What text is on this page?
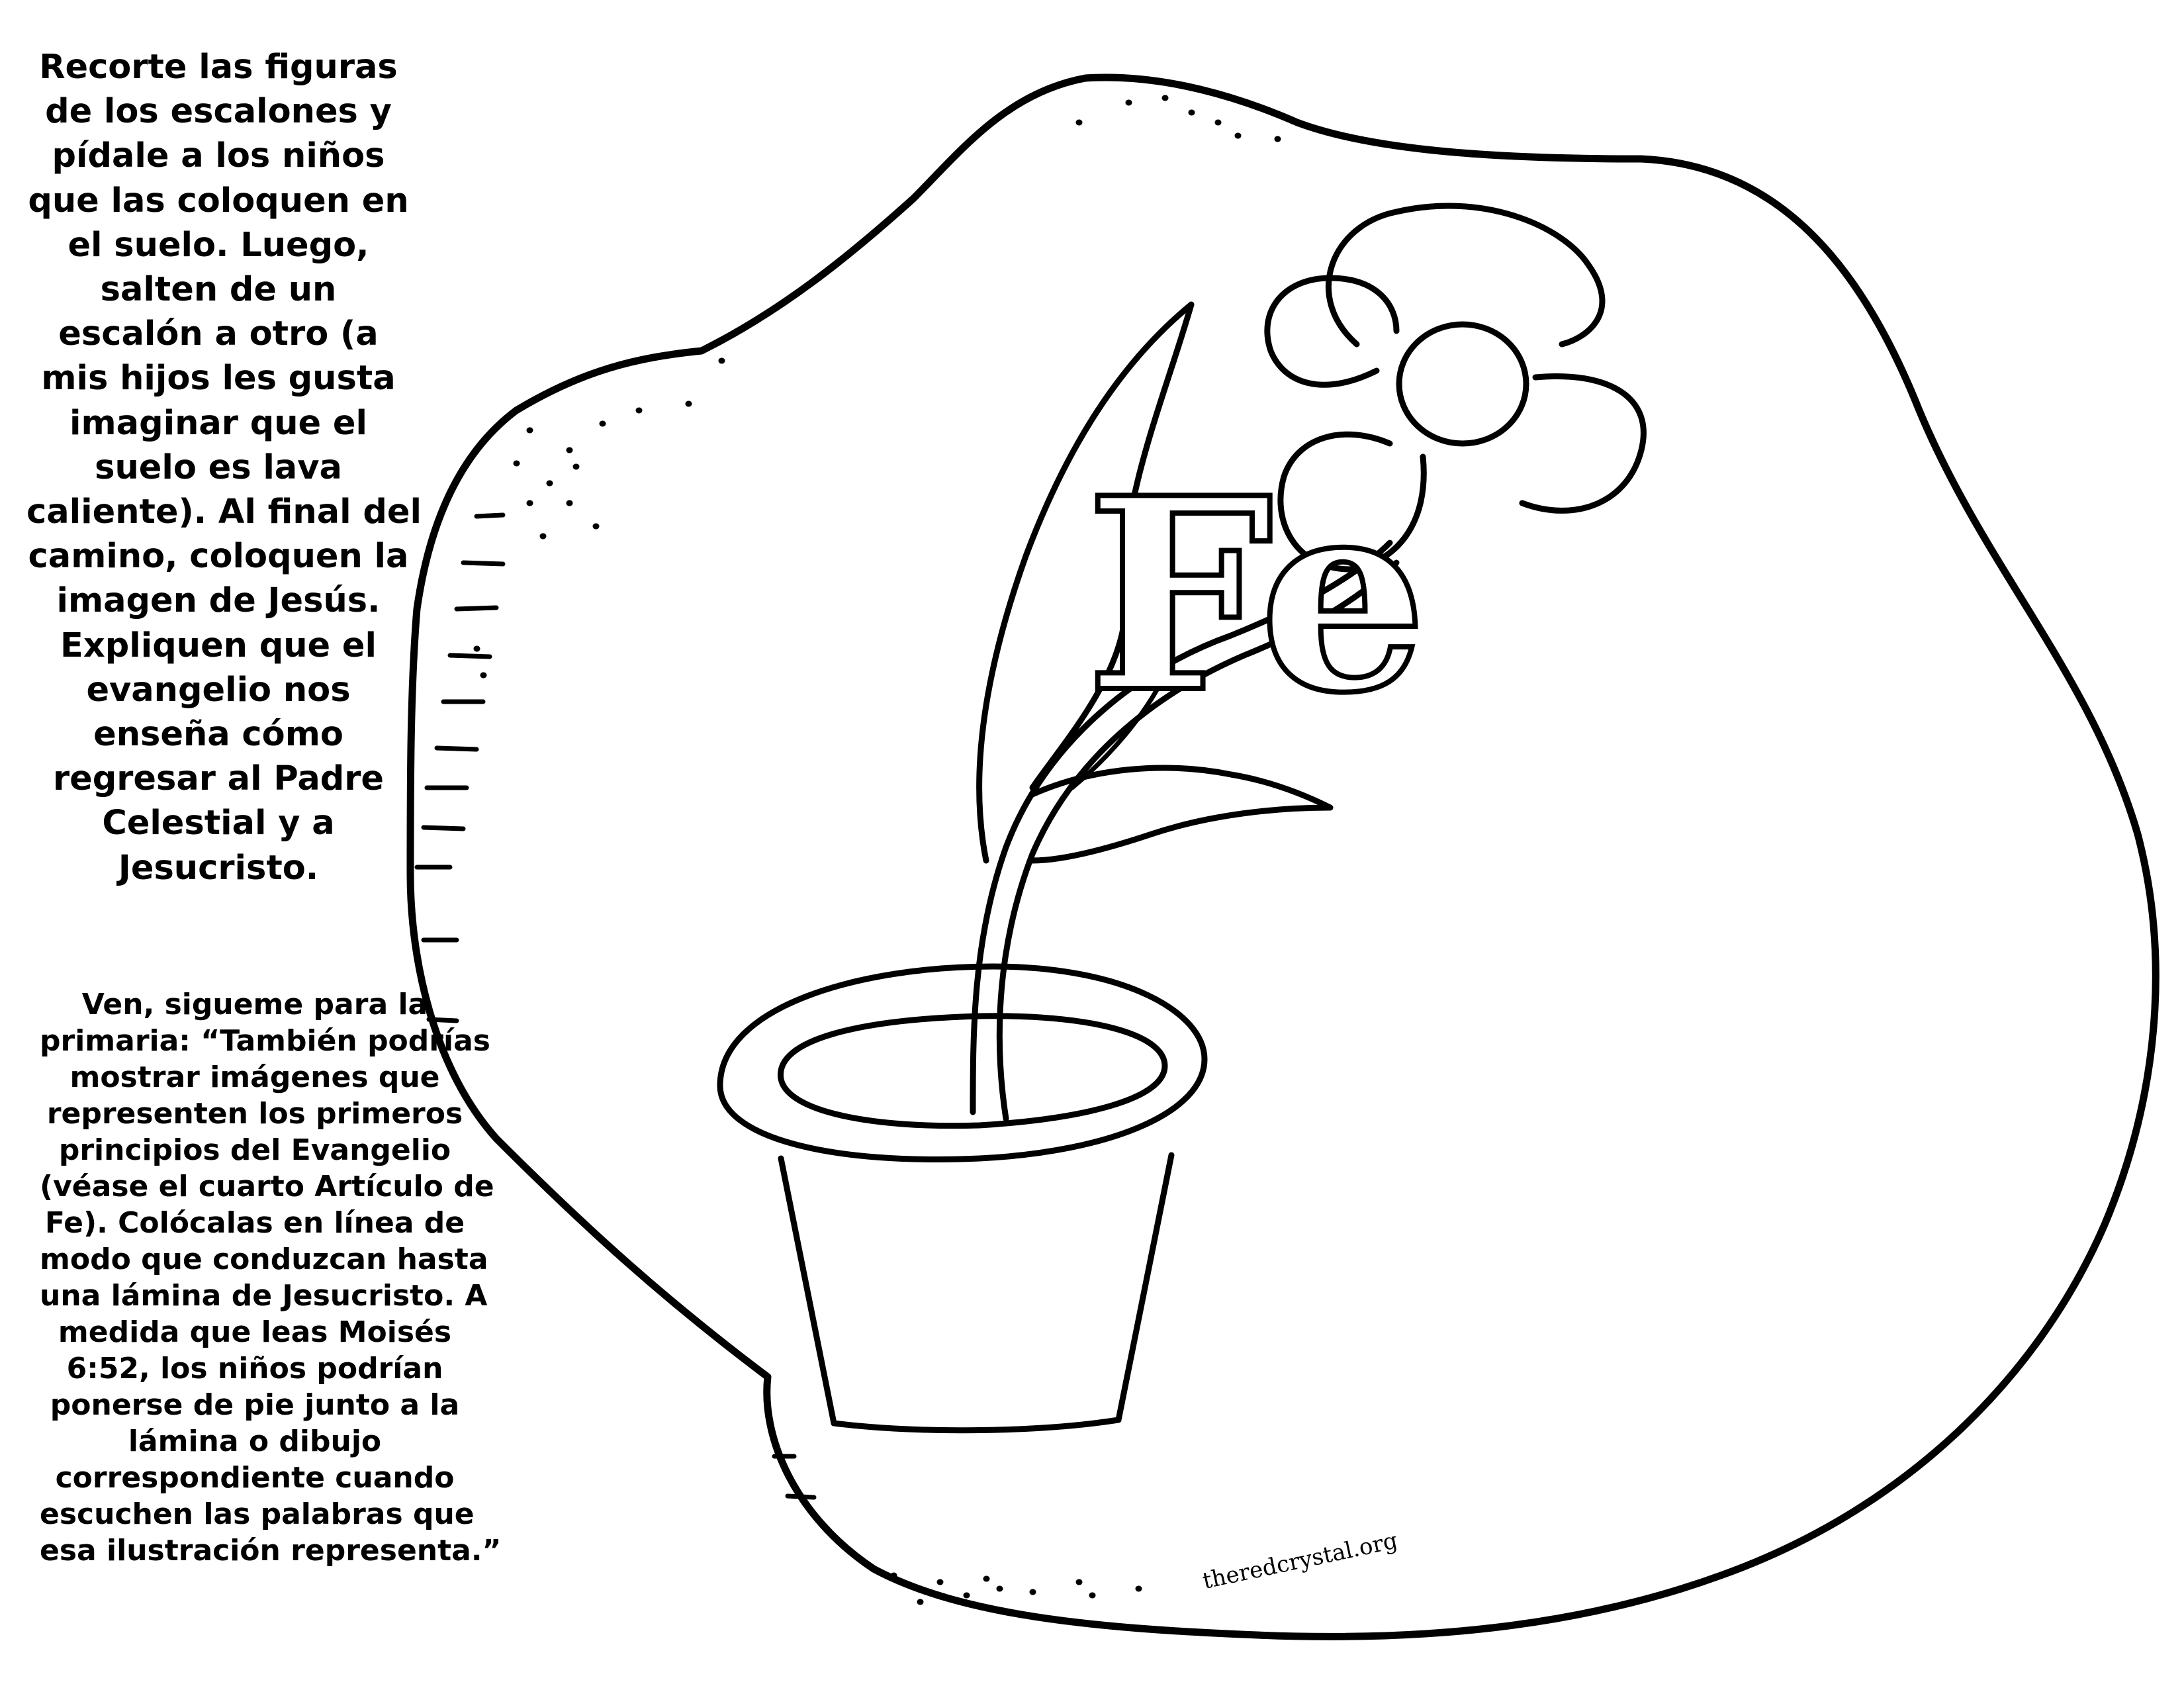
Recorte las figuras
de los escalones y
pídale a los niños
que las coloquen en
el suelo. Luego,
salten de un
escalón a otro (a
mis hijos les gusta
imaginar que el
suelo es lava
caliente). Al final del
camino, coloquen la
imagen de Jesús.
Expliquen que el
evangelio nos
enseña cómo
regresar al Padre
Celestial y a
Jesucristo.
Ven, sigueme para la
primaria: “También podrías
mostrar imágenes que
representen los primeros
principios del Evangelio
(véase el cuarto Artículo de
Fe). Colócalas en línea de
modo que conduzcan hasta
una lámina de Jesucristo. A
medida que leas Moisés
6:52, los niños podrían
ponerse de pie junto a la
lámina o dibujo
correspondiente cuando
escuchen las palabras que
esa ilustración representa.”
Fe
theredcrystal.org
